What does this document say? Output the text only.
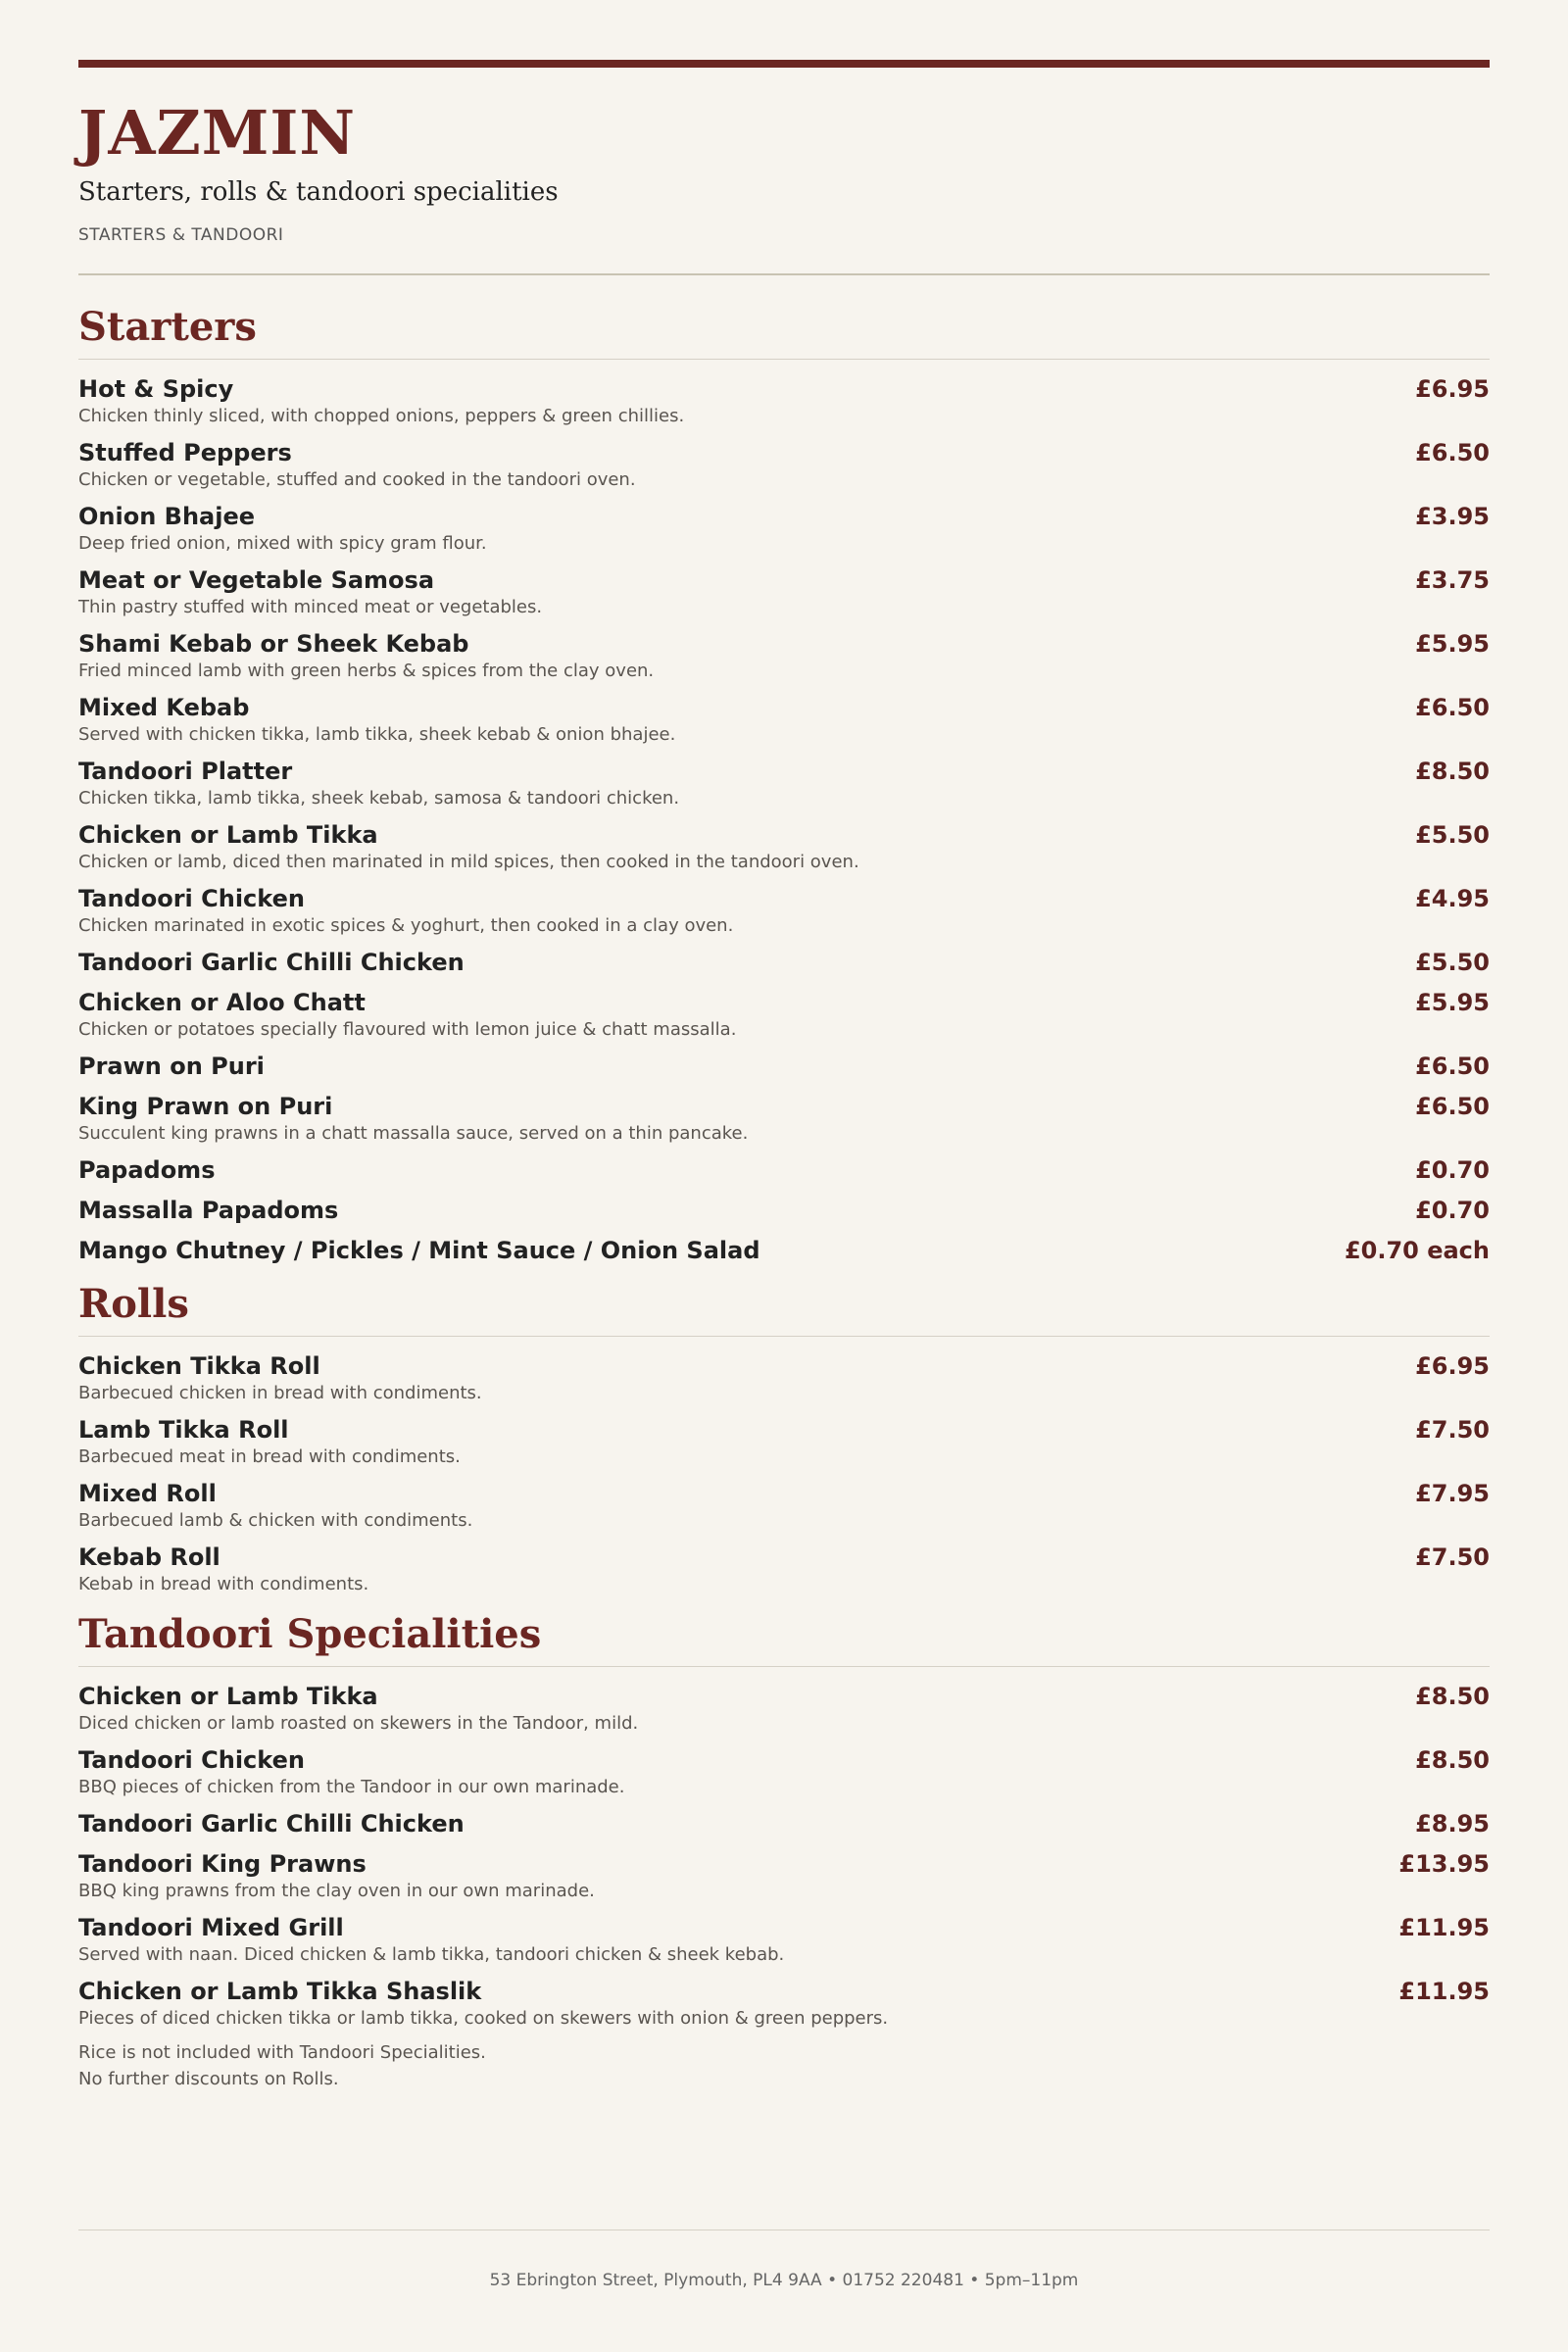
JAZMIN
Starters, rolls & tandoori specialities
STARTERS & TANDOORI
Starters
Hot & Spicy	£6.95
Chicken thinly sliced, with chopped onions, peppers & green chillies.
Stuffed Peppers	£6.50
Chicken or vegetable, stuffed and cooked in the tandoori oven.
Onion Bhajee	£3.95
Deep fried onion, mixed with spicy gram flour.
Meat or Vegetable Samosa	£3.75
Thin pastry stuffed with minced meat or vegetables.
Shami Kebab or Sheek Kebab	£5.95
Fried minced lamb with green herbs & spices from the clay oven.
Mixed Kebab	£6.50
Served with chicken tikka, lamb tikka, sheek kebab & onion bhajee.
Tandoori Platter	£8.50
Chicken tikka, lamb tikka, sheek kebab, samosa & tandoori chicken.
Chicken or Lamb Tikka	£5.50
Chicken or lamb, diced then marinated in mild spices, then cooked in the tandoori oven.
Tandoori Chicken	£4.95
Chicken marinated in exotic spices & yoghurt, then cooked in a clay oven.
Tandoori Garlic Chilli Chicken	£5.50
Chicken or Aloo Chatt	£5.95
Chicken or potatoes specially flavoured with lemon juice & chatt massalla.
Prawn on Puri	£6.50
King Prawn on Puri	£6.50
Succulent king prawns in a chatt massalla sauce, served on a thin pancake.
Papadoms	£0.70
Massalla Papadoms	£0.70
Mango Chutney / Pickles / Mint Sauce / Onion Salad	£0.70 each
Rolls
Chicken Tikka Roll	£6.95
Barbecued chicken in bread with condiments.
Lamb Tikka Roll	£7.50
Barbecued meat in bread with condiments.
Mixed Roll	£7.95
Barbecued lamb & chicken with condiments.
Kebab Roll	£7.50
Kebab in bread with condiments.
Tandoori Specialities
Chicken or Lamb Tikka	£8.50
Diced chicken or lamb roasted on skewers in the Tandoor, mild.
Tandoori Chicken	£8.50
BBQ pieces of chicken from the Tandoor in our own marinade.
Tandoori Garlic Chilli Chicken	£8.95
Tandoori King Prawns	£13.95
BBQ king prawns from the clay oven in our own marinade.
Tandoori Mixed Grill	£11.95
Served with naan. Diced chicken & lamb tikka, tandoori chicken & sheek kebab.
Chicken or Lamb Tikka Shaslik	£11.95
Pieces of diced chicken tikka or lamb tikka, cooked on skewers with onion & green peppers.
Rice is not included with Tandoori Specialities.
No further discounts on Rolls.
53 Ebrington Street, Plymouth, PL4 9AA • 01752 220481 • 5pm–11pm
